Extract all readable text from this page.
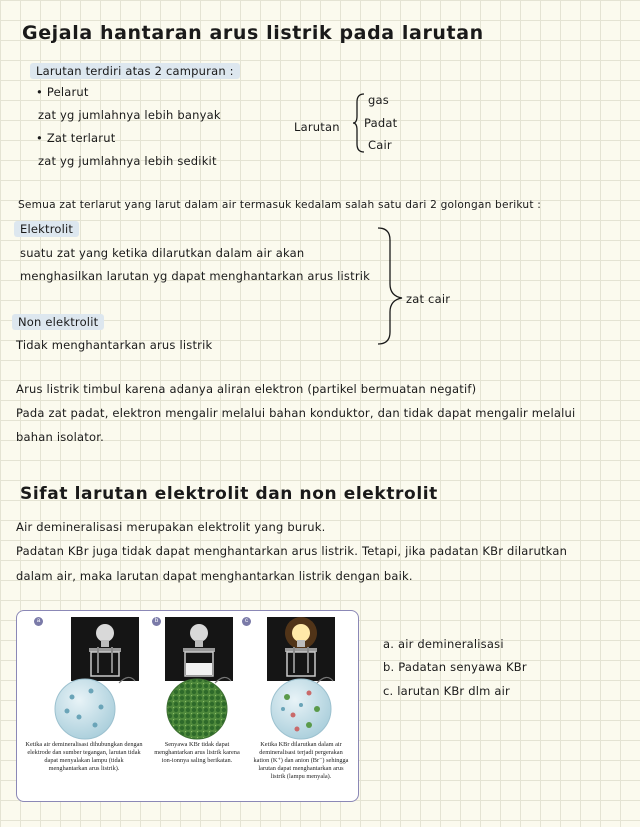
Gejala hantaran arus listrik pada larutan
Larutan terdiri atas 2 campuran :
• Pelarut
zat yg jumlahnya lebih banyak
• Zat terlarut
zat yg jumlahnya lebih sedikit
Larutan
gas
Padat
Cair
Semua zat terlarut yang larut dalam air termasuk kedalam salah satu dari 2 golongan berikut :
Elektrolit
suatu zat yang ketika dilarutkan dalam air akan
menghasilkan larutan yg dapat menghantarkan arus listrik
Non elektrolit
Tidak menghantarkan arus listrik
zat cair
Arus listrik timbul karena adanya aliran elektron (partikel bermuatan negatif)
Pada zat padat, elektron mengalir melalui bahan konduktor, dan tidak dapat mengalir melalui
bahan isolator.
Sifat larutan elektrolit dan non elektrolit
Air demineralisasi merupakan elektrolit yang buruk.
Padatan KBr juga tidak dapat menghantarkan arus listrik. Tetapi, jika padatan KBr dilarutkan
dalam air, maka larutan dapat menghantarkan listrik dengan baik.
a	b	c
Ketika air demineralisasi dihubungkan dengan elektrode dan sumber tegangan, larutan tidak dapat menyalakan lampu (tidak menghantarkan arus listrik).
Senyawa KBr tidak dapat menghantarkan arus listrik karena ion-ionnya saling berikatan.
Ketika KBr dilarutkan dalam air demineralisasi terjadi pergerakan kation (K⁺) dan anion (Br⁻) sehingga larutan dapat menghantarkan arus listrik (lampu menyala).
a. air demineralisasi
b. Padatan senyawa KBr
c. larutan KBr dlm air
